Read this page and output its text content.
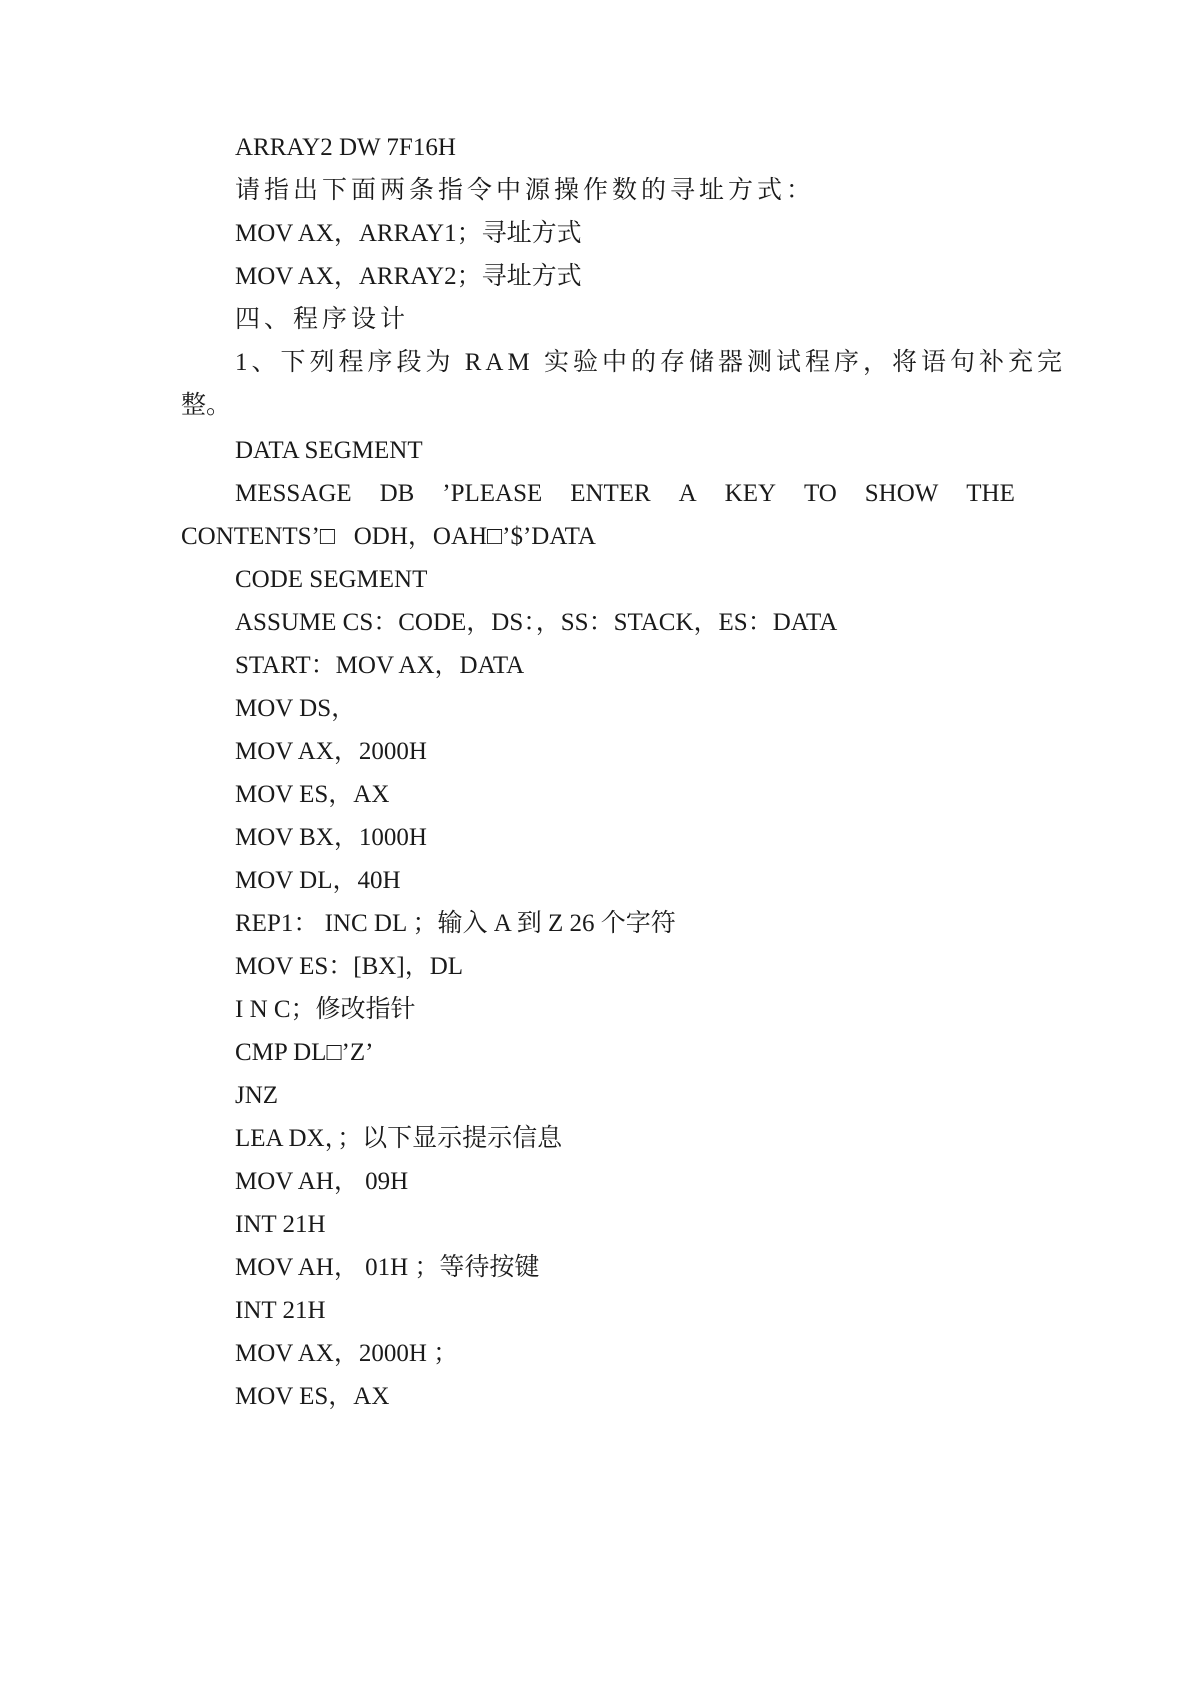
ARRAY2 DW 7F16H
请指出下面两条指令中源操作数的寻址方式：
MOV AX，ARRAY1；寻址方式
MOV AX，ARRAY2；寻址方式
四、程序设计
1、下列程序段为 RAM 实验中的存储器测试程序，将语句补充完
整。
DATA SEGMENT
MESSAGE DB ’PLEASE ENTER A KEY TO SHOW THE
CONTENTS’□   ODH，OAH□’$’DATA
CODE SEGMENT
ASSUME CS：CODE，DS：，SS：STACK，ES：DATA
START：MOV AX，DATA
MOV DS，
MOV AX，2000H
MOV ES，AX
MOV BX，1000H
MOV DL，40H
REP1： INC DL ；输入 A 到 Z 26 个字符
MOV ES：[BX]，DL
I N C；修改指针
CMP DL□’Z’
JNZ
LEA DX，；以下显示提示信息
MOV AH， 09H
INT 21H
MOV AH， 01H ；等待按键
INT 21H
MOV AX，2000H ；
MOV ES，AX
